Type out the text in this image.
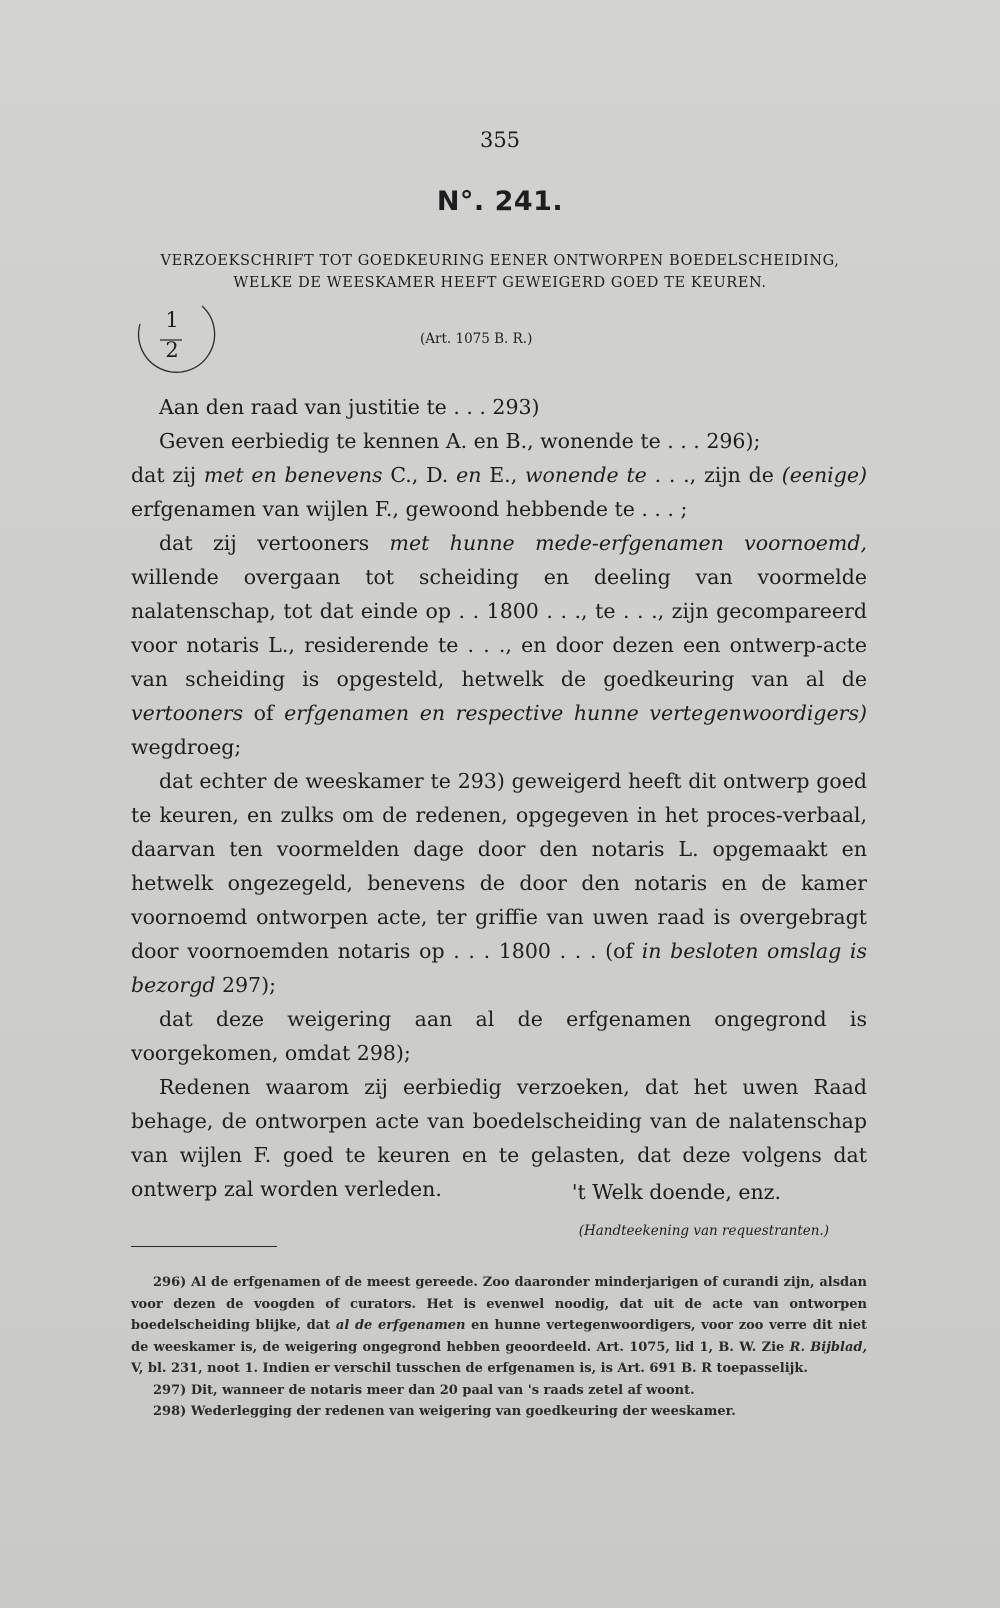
355
N°. 241.
VERZOEKSCHRIFT TOT GOEDKEURING EENER ONTWORPEN BOEDELSCHEIDING,
WELKE DE WEESKAMER HEEFT GEWEIGERD GOED TE KEUREN.
1
2	(Art. 1075 B. R.)

Aan den raad van justitie te . . . 293)

Geven eerbiedig te kennen A. en B., wonende te . . . 296);
dat zij met en benevens C., D. en E., wonende te . . ., zijn de (eenige) erfgenamen van wijlen F., gewoond hebbende te . . . ;

dat zij vertooners met hunne mede-erfgenamen voornoemd, willende overgaan tot scheiding en deeling van voormelde nalatenschap, tot dat einde op . . 1800 . . ., te . . ., zijn gecompareerd voor notaris L., residerende te . . ., en door dezen een ontwerp-acte van scheiding is opgesteld, hetwelk de goedkeuring van al de vertooners of erfgenamen en respective hunne vertegenwoordigers) wegdroeg;

dat echter de weeskamer te 293) geweigerd heeft dit ontwerp goed te keuren, en zulks om de redenen, opgegeven in het proces-verbaal, daarvan ten voormelden dage door den notaris L. opgemaakt en hetwelk ongezegeld, benevens de door den notaris en de kamer voornoemd ontworpen acte, ter griffie van uwen raad is overgebragt door voornoemden notaris op . . . 1800 . . . (of in besloten omslag is bezorgd 297);

dat deze weigering aan al de erfgenamen ongegrond is voorgekomen, omdat 298);

Redenen waarom zij eerbiedig verzoeken, dat het uwen Raad behage, de ontworpen acte van boedelscheiding van de nalatenschap van wijlen F. goed te keuren en te gelasten, dat deze volgens dat ontwerp zal worden verleden.	't Welk doende, enz.
(Handteekening van requestranten.)

296) Al de erfgenamen of de meest gereede. Zoo daaronder minderjarigen of curandi zijn, alsdan voor dezen de voogden of curators. Het is evenwel noodig, dat uit de acte van ontworpen boedelscheiding blijke, dat al de erfgenamen en hunne vertegenwoordigers, voor zoo verre dit niet de weeskamer is, de weigering ongegrond hebben geoordeeld. Art. 1075, lid 1, B. W. Zie R. Bijblad, V, bl. 231, noot 1. Indien er verschil tusschen de erfgenamen is, is Art. 691 B. R toepasselijk.

297) Dit, wanneer de notaris meer dan 20 paal van 's raads zetel af woont.

298) Wederlegging der redenen van weigering van goedkeuring der weeskamer.
